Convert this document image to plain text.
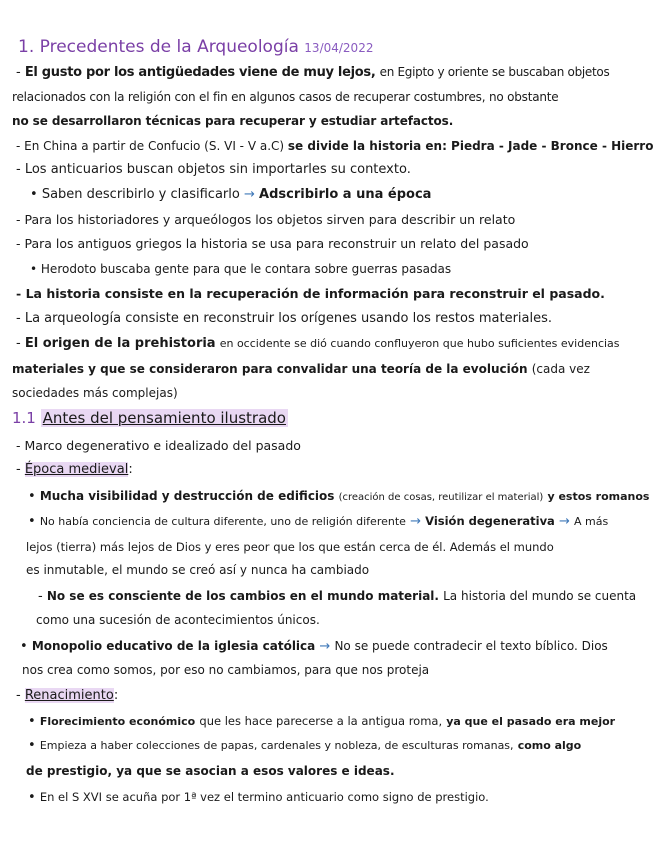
1. Precedentes de la Arqueología 13/04/2022
- El gusto por los antigüedades viene de muy lejos, en Egipto y oriente se buscaban objetos
relacionados con la religión con el fin en algunos casos de recuperar costumbres, no obstante
no se desarrollaron técnicas para recuperar y estudiar artefactos.
- En China a partir de Confucio (S. VI - V a.C) se divide la historia en: Piedra - Jade - Bronce - Hierro
- Los anticuarios buscan objetos sin importarles su contexto.
• Saben describirlo y clasificarlo → Adscribirlo a una época
- Para los historiadores y arqueólogos los objetos sirven para describir un relato
- Para los antiguos griegos la historia se usa para reconstruir un relato del pasado
• Herodoto buscaba gente para que le contara sobre guerras pasadas
- La historia consiste en la recuperación de información para reconstruir el pasado.
- La arqueología consiste en reconstruir los orígenes usando los restos materiales.
- El origen de la prehistoria en occidente se dió cuando confluyeron que hubo suficientes evidencias
materiales y que se consideraron para convalidar una teoría de la evolución (cada vez
sociedades más complejas)
1.1 Antes del pensamiento ilustrado
- Marco degenerativo e idealizado del pasado
- Época medieval:
• Mucha visibilidad y destrucción de edificios (creación de cosas, reutilizar el material) y estos romanos
• No había conciencia de cultura diferente, uno de religión diferente → Visión degenerativa → A más
lejos (tierra) más lejos de Dios y eres peor que los que están cerca de él. Además el mundo
es inmutable, el mundo se creó así y nunca ha cambiado
- No se es consciente de los cambios en el mundo material. La historia del mundo se cuenta
como una sucesión de acontecimientos únicos.
• Monopolio educativo de la iglesia católica → No se puede contradecir el texto bíblico. Dios
nos crea como somos, por eso no cambiamos, para que nos proteja
- Renacimiento:
• Florecimiento económico que les hace parecerse a la antigua roma, ya que el pasado era mejor
• Empieza a haber colecciones de papas, cardenales y nobleza, de esculturas romanas, como algo
de prestigio, ya que se asocian a esos valores e ideas.
• En el S XVI se acuña por 1ª vez el termino anticuario como signo de prestigio.
